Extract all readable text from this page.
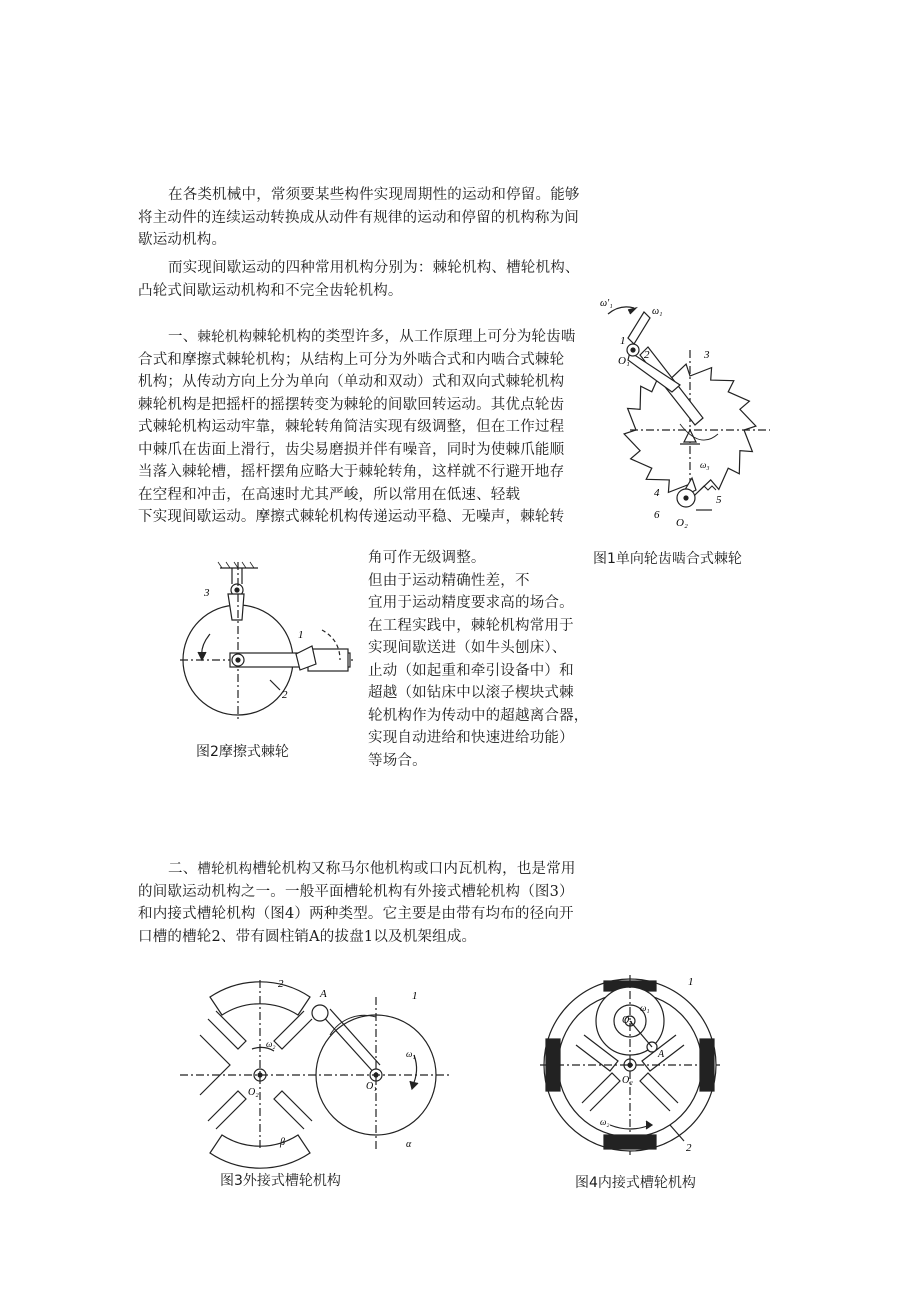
在各类机械中，常须要某些构件实现周期性的运动和停留。能够将主动件的连续运动转换成从动件有规律的运动和停留的机构称为间歇运动机构。

而实现间歇运动的四种常用机构分别为：棘轮机构、槽轮机构、凸轮式间歇运动机构和不完全齿轮机构。

一、棘轮机构棘轮机构的类型许多，从工作原理上可分为轮齿啮
合式和摩擦式棘轮机构；从结构上可分为外啮合式和内啮合式棘轮
机构；从传动方向上分为单向（单动和双动）式和双向式棘轮机构
棘轮机构是把摇杆的摇摆转变为棘轮的间歇回转运动。其优点轮齿
式棘轮机构运动牢靠，棘轮转角简洁实现有级调整，但在工作过程
中棘爪在齿面上滑行，齿尖易磨损并伴有噪音，同时为使棘爪能顺
当落入棘轮槽，摇杆摆角应略大于棘轮转角，这样就不行避开地存
在空程和冲击，在高速时尤其严峻，所以常用在低速、轻载
下实现间歇运动。摩擦式棘轮机构传递运动平稳、无噪声，棘轮转
角可作无级调整。
但由于运动精确性差，不
宜用于运动精度要求高的场合。
在工程实践中，棘轮机构常用于
实现间歇送进（如牛头刨床）、
止动（如起重和牵引设备中）和
超越（如钻床中以滚子楔块式棘
轮机构作为传动中的超越离合器，
实现自动进给和快速进给功能）
等场合。
ω₁
ω'₁
O₁
1
2	3
4
5
6
O₂
ω₃
图1单向轮齿啮合式棘轮
3
1
2
图2摩擦式棘轮
二、槽轮机构槽轮机构又称马尔他机构或口内瓦机构，也是常用
的间歇运动机构之一。一般平面槽轮机构有外接式槽轮机构（图3）
和内接式槽轮机构（图4）两种类型。它主要是由带有均布的径向开
口槽的槽轮2、带有圆柱销A的拔盘1以及机架组成。
2
A	1
ω₁
ω₂
O₁
O₂
β	α
图3外接式槽轮机构
1
ω₁
O₁
A
O₂
ω₂
2
图4内接式槽轮机构
